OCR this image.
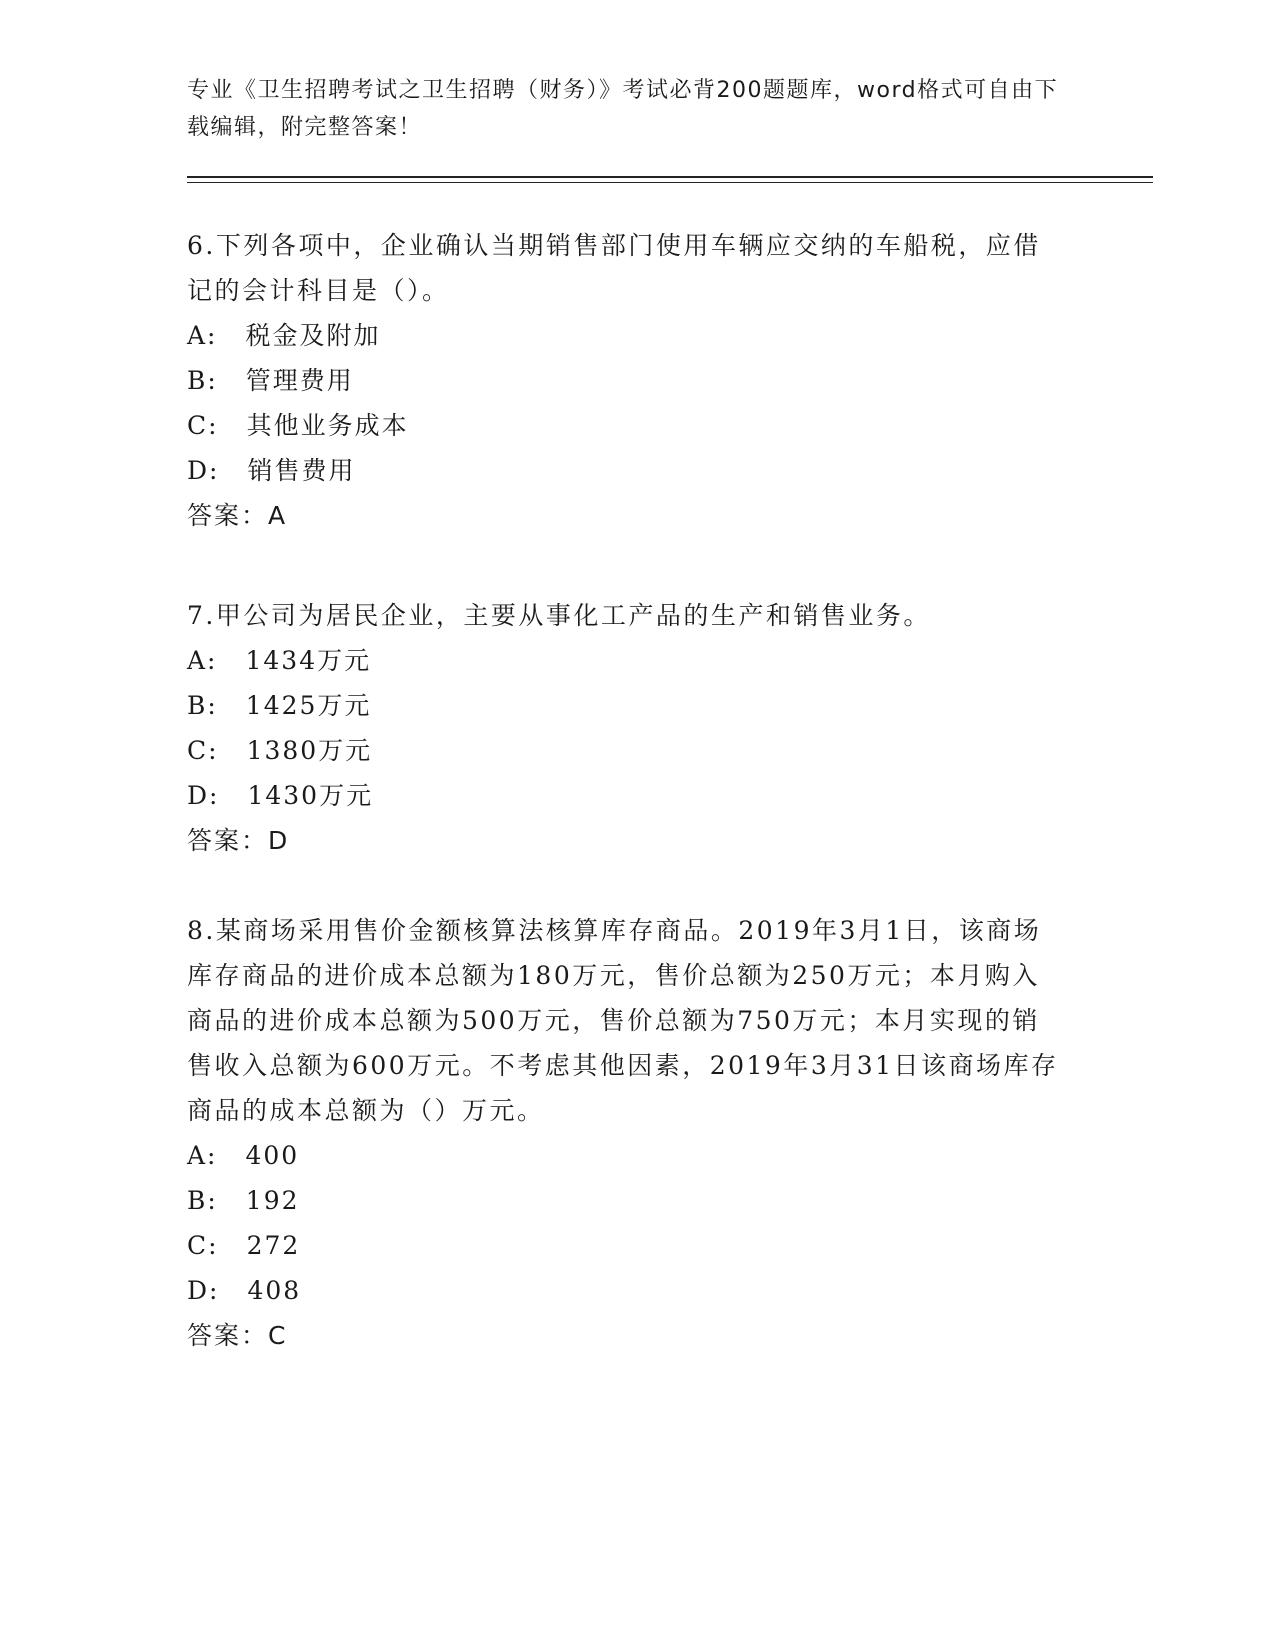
专业《卫生招聘考试之卫生招聘（财务）》考试必背200题题库，word格式可自由下载编辑，附完整答案！

6.下列各项中，企业确认当期销售部门使用车辆应交纳的车船税，应借记的会计科目是（）。

A: 税金及附加

B: 管理费用

C: 其他业务成本

D: 销售费用

答案：A

7.甲公司为居民企业，主要从事化工产品的生产和销售业务。

A: 1434万元

B: 1425万元

C: 1380万元

D: 1430万元

答案：D

8.某商场采用售价金额核算法核算库存商品。2019年3月1日，该商场库存商品的进价成本总额为180万元，售价总额为250万元；本月购入商品的进价成本总额为500万元，售价总额为750万元；本月实现的销售收入总额为600万元。不考虑其他因素，2019年3月31日该商场库存商品的成本总额为（）万元。

A: 400

B: 192

C: 272

D: 408

答案：C
